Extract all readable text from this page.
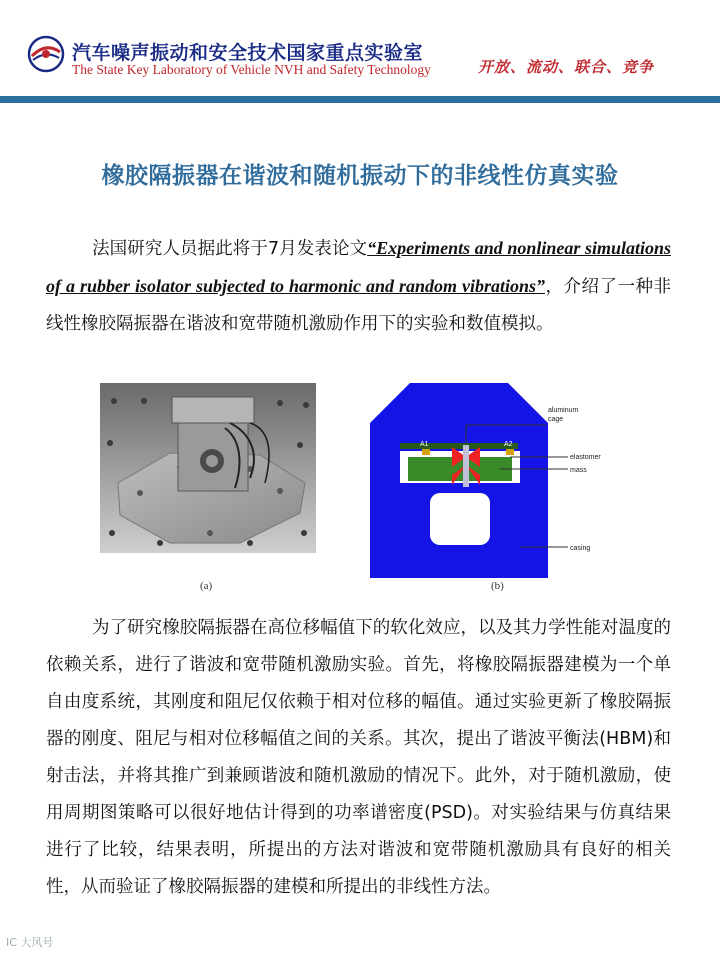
汽车噪声振动和安全技术国家重点实验室
The State Key Laboratory of Vehicle NVH and Safety Technology	开放、流动、联合、竞争
橡胶隔振器在谐波和随机振动下的非线性仿真实验
法国研究人员据此将于7月发表论文“Experiments and nonlinear simulations of a rubber isolator subjected to harmonic and random vibrations”，介绍了一种非线性橡胶隔振器在谐波和宽带随机激励作用下的实验和数值模拟。
aluminum
cage
elastomer
mass
casing
A1	A2
(a)	(b)
为了研究橡胶隔振器在高位移幅值下的软化效应，以及其力学性能对温度的依赖关系，进行了谐波和宽带随机激励实验。首先，将橡胶隔振器建模为一个单自由度系统，其刚度和阻尼仅依赖于相对位移的幅值。通过实验更新了橡胶隔振器的刚度、阻尼与相对位移幅值之间的关系。其次，提出了谐波平衡法(HBM)和射击法，并将其推广到兼顾谐波和随机激励的情况下。此外，对于随机激励，使用周期图策略可以很好地估计得到的功率谱密度(PSD)。对实验结果与仿真结果进行了比较，结果表明，所提出的方法对谐波和宽带随机激励具有良好的相关性，从而验证了橡胶隔振器的建模和所提出的非线性方法。
IC 大风号
